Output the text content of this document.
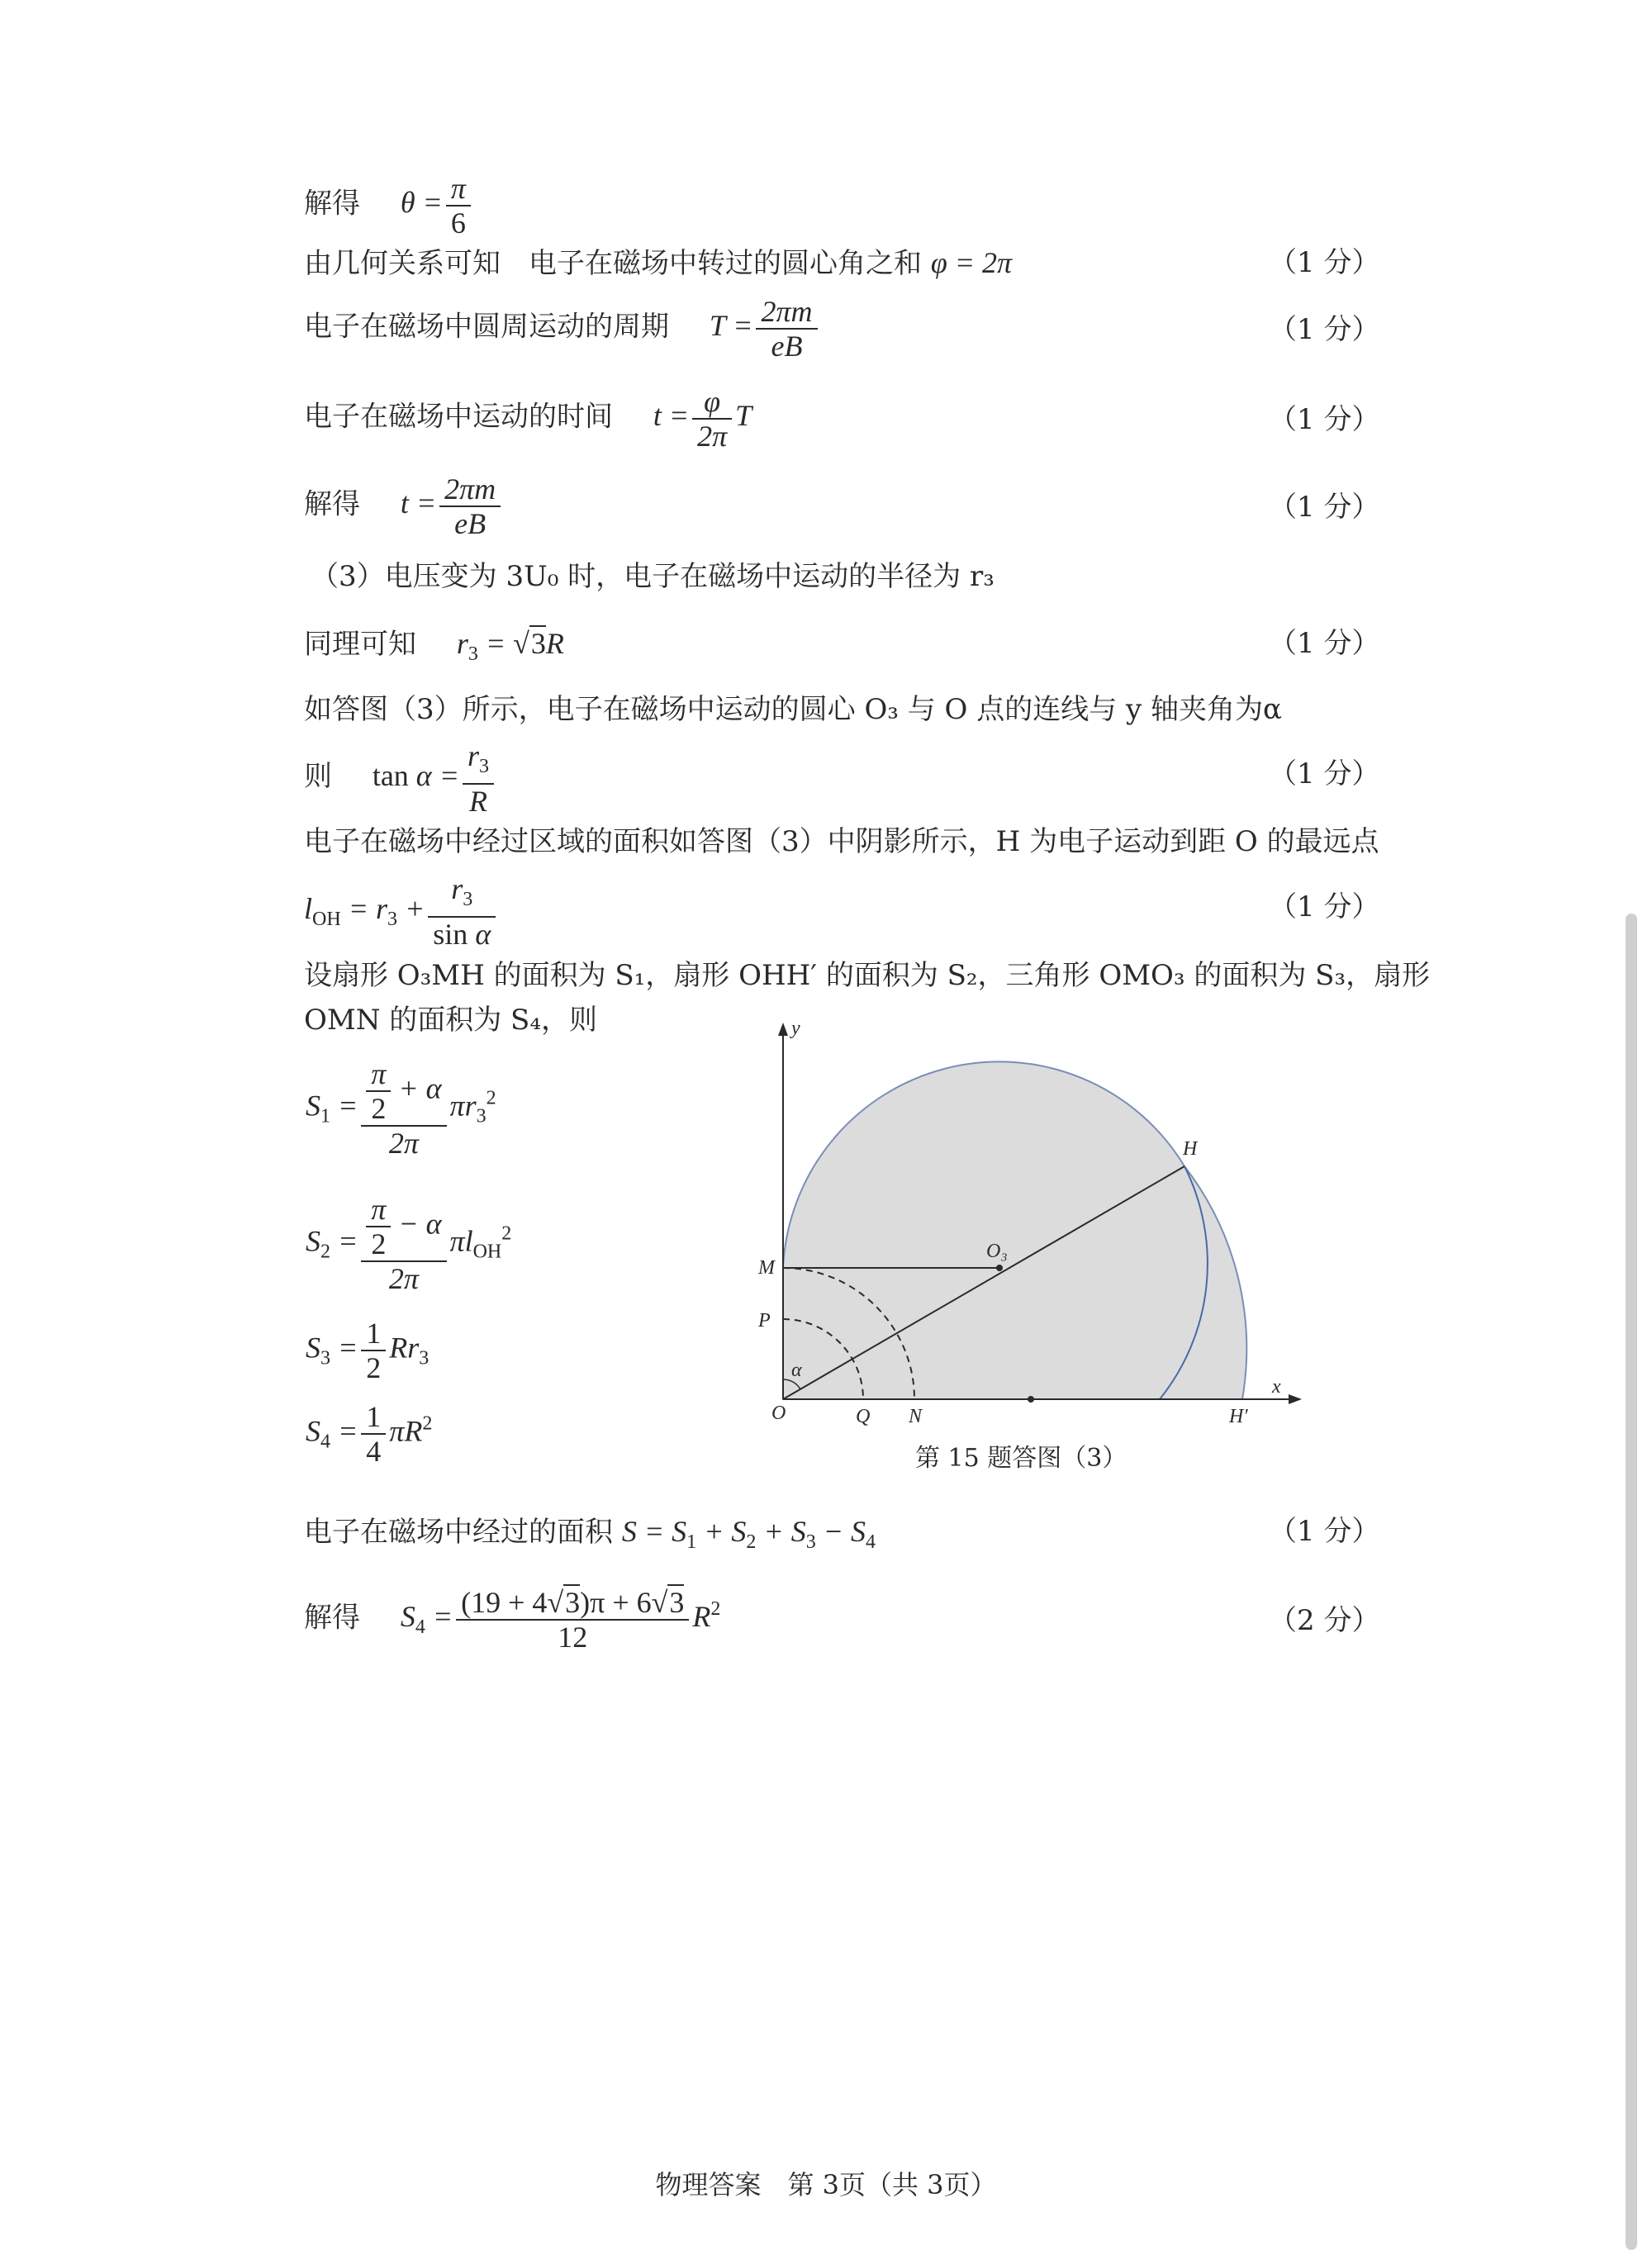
解得 $\theta = \frac{\pi}{6}$
由几何关系可知　电子在磁场中转过的圆心角之和 φ = 2π	（1 分）
电子在磁场中圆周运动的周期 $T = \frac{2\pi m}{eB}$	（1 分）
电子在磁场中运动的时间 $t = \frac{\varphi}{2\pi}$ T	（1 分）
解得 $t = \frac{2\pi m}{eB}$	（1 分）
（3）电压变为 3U₀ 时，电子在磁场中运动的半径为 r₃
同理可知 $r_3 = √3R$	（1 分）
如答图（3）所示，电子在磁场中运动的圆心 O₃ 与 O 点的连线与 y 轴夹角为α
则 $\tan \alpha = \frac{r_3}{R}$	（1 分）
电子在磁场中经过区域的面积如答图（3）中阴影所示，H 为电子运动到距 O 的最远点
$l_{OH} = r_3 + \frac{r_3}{\text{sin α}}$	（1 分）
设扇形 O₃MH 的面积为 S₁，扇形 OHH′ 的面积为 S₂，三角形 OMO₃ 的面积为 S₃，扇形
OMN 的面积为 S₄，则
$S_1 = \frac{\frac{\pi}{2} + \alpha}{2\pi} \pi r_3^2$
$S_2 = \frac{\frac{\pi}{2} - \alpha}{2\pi} \pi l_{OH}^2$
$S_3 = \frac{1}{2} Rr_3$
$S_4 = \frac{1}{4} \pi R^2$
y
x
H
O₃
M
P
α
O	Q N	H′
第 15 题答图（3）
电子在磁场中经过的面积 $S = S_1 + S_2 + S_3 - S_4$	（1 分）
解得 $S_4 = \frac{(19 + 4√3)\pi + 6√3}{12} R^2$	（2 分）
物理答案　第 3页（共 3页）
